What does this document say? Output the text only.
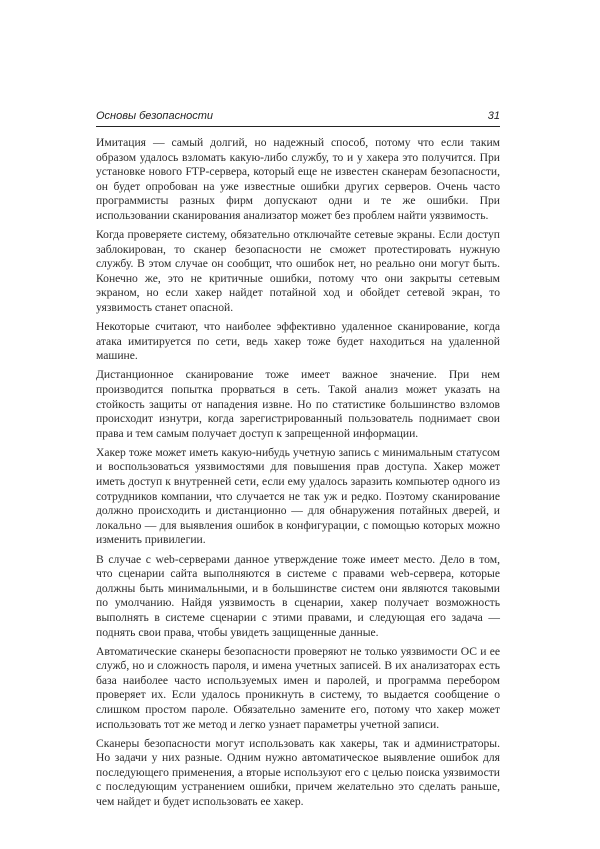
Основы безопасности	31

Имитация — самый долгий, но надежный способ, потому что если таким образом удалось взломать какую-либо службу, то и у хакера это получится. При установке нового FTP-сервера, который еще не известен сканерам безопасности, он будет опробован на уже известные ошибки других серверов. Очень часто программисты разных фирм допускают одни и те же ошибки. При использовании сканирования анализатор может без проблем найти уязвимость.

Когда проверяете систему, обязательно отключайте сетевые экраны. Если доступ заблокирован, то сканер безопасности не сможет протестировать нужную службу. В этом случае он сообщит, что ошибок нет, но реально они могут быть. Конечно же, это не критичные ошибки, потому что они закрыты сетевым экраном, но если хакер найдет потайной ход и обойдет сетевой экран, то уязвимость станет опасной.

Некоторые считают, что наиболее эффективно удаленное сканирование, когда атака имитируется по сети, ведь хакер тоже будет находиться на удаленной машине.

Дистанционное сканирование тоже имеет важное значение. При нем производится попытка прорваться в сеть. Такой анализ может указать на стойкость защиты от нападения извне. Но по статистике большинство взломов происходит изнутри, когда зарегистрированный пользователь поднимает свои права и тем самым получает доступ к запрещенной информации.

Хакер тоже может иметь какую-нибудь учетную запись с минимальным статусом и воспользоваться уязвимостями для повышения прав доступа. Хакер может иметь доступ к внутренней сети, если ему удалось заразить компьютер одного из сотрудников компании, что случается не так уж и редко. Поэтому сканирование должно происходить и дистанционно — для обнаружения потайных дверей, и локально — для выявления ошибок в конфигурации, с помощью которых можно изменить привилегии.

В случае с web-серверами данное утверждение тоже имеет место. Дело в том, что сценарии сайта выполняются в системе с правами web-сервера, которые должны быть минимальными, и в большинстве систем они являются таковыми по умолчанию. Найдя уязвимость в сценарии, хакер получает возможность выполнять в системе сценарии с этими правами, и следующая его задача — поднять свои права, чтобы увидеть защищенные данные.

Автоматические сканеры безопасности проверяют не только уязвимости ОС и ее служб, но и сложность пароля, и имена учетных записей. В их анализаторах есть база наиболее часто используемых имен и паролей, и программа перебором проверяет их. Если удалось проникнуть в систему, то выдается сообщение о слишком простом пароле. Обязательно замените его, потому что хакер может использовать тот же метод и легко узнает параметры учетной записи.

Сканеры безопасности могут использовать как хакеры, так и администраторы. Но задачи у них разные. Одним нужно автоматическое выявление ошибок для последующего применения, а вторые используют его с целью поиска уязвимости с последующим устранением ошибки, причем желательно это сделать раньше, чем найдет и будет использовать ее хакер.
